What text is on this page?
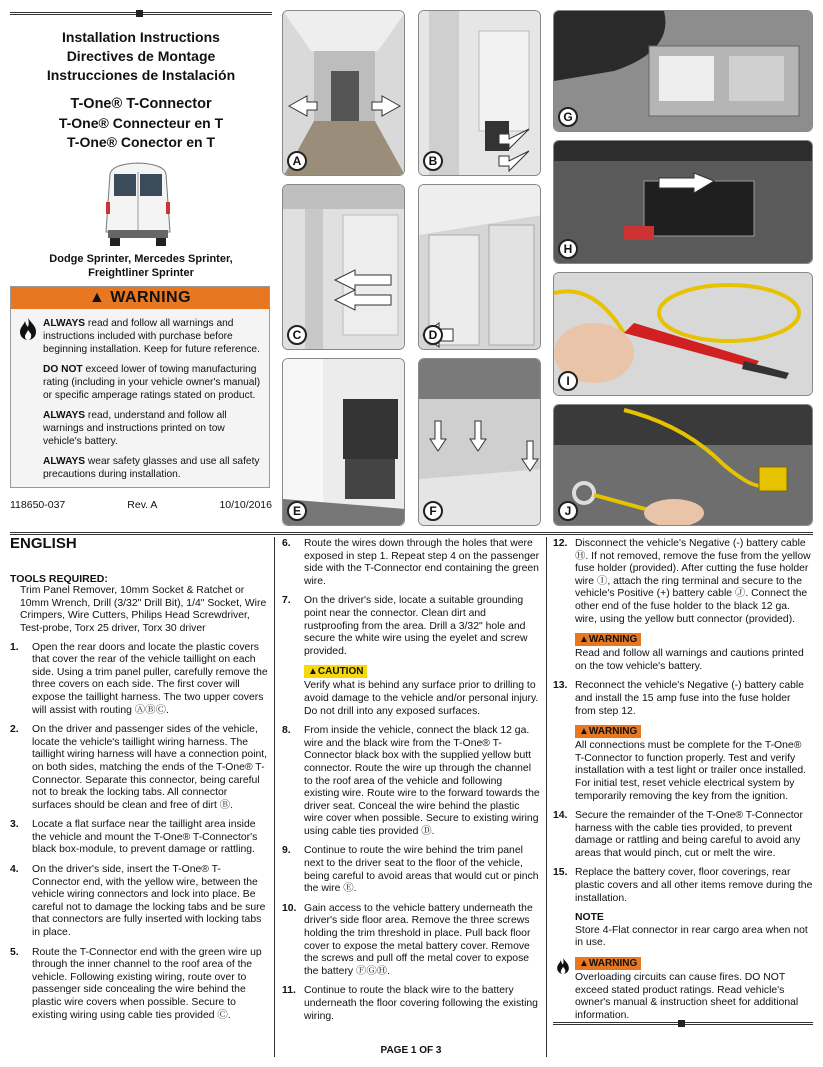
Installation Instructions
Directives de Montage
Instrucciones de Instalación
T-One® T-Connector
T-One® Connecteur en T
T-One® Conector en T
Dodge Sprinter, Mercedes Sprinter,
Freightliner Sprinter
▲ WARNING

ALWAYS read and follow all warnings and instructions included with purchase before beginning installation. Keep for future reference.

DO NOT exceed lower of towing manufacturing rating (including in your vehicle owner's manual) or specific amperage ratings stated on product.

ALWAYS read, understand and follow all warnings and instructions printed on tow vehicle's battery.

ALWAYS wear safety glasses and use all safety precautions during installation.

118650-037	Rev. A	10/10/2016
A	B
C	D
E	F
G
H
I
J
ENGLISH
TOOLS REQUIRED:
Trim Panel Remover, 10mm Socket & Ratchet or 10mm Wrench, Drill (3/32" Drill Bit), 1/4" Socket, Wire Crimpers, Wire Cutters, Philips Head Screwdriver, Test-probe, Torx 25 driver, Torx 30 driver
1.	Open the rear doors and locate the plastic covers that cover the rear of the vehicle taillight on each side. Using a trim panel puller, carefully remove the three covers on each side. The first cover will expose the taillight harness. The two upper covers will assist with routing ⒶⒷⒸ.
2.	On the driver and passenger sides of the vehicle, locate the vehicle's taillight wiring harness. The taillight wiring harness will have a connection point, on both sides, matching the ends of the T-One® T-Connector. Separate this connector, being careful not to break the locking tabs. All connector surfaces should be clean and free of dirt Ⓑ.
3.	Locate a flat surface near the taillight area inside the vehicle and mount the T-One® T-Connector's black box-module, to prevent damage or rattling.
4.	On the driver's side, insert the T-One® T-Connector end, with the yellow wire, between the vehicle wiring connectors and lock into place. Be careful not to damage the locking tabs and be sure that connectors are fully inserted with locking tabs in place.
5.	Route the T-Connector end with the green wire up through the inner channel to the roof area of the vehicle. Following existing wiring, route over to passenger side concealing the wire behind the plastic wire covers when possible. Secure to existing wiring using cable ties provided Ⓒ.
6.	Route the wires down through the holes that were exposed in step 1. Repeat step 4 on the passenger side with the T-Connector end containing the green wire.
7.	On the driver's side, locate a suitable grounding point near the connector. Clean dirt and rustproofing from the area. Drill a 3/32" hole and secure the white wire using the eyelet and screw provided.
▲CAUTION
Verify what is behind any surface prior to drilling to avoid damage to the vehicle and/or personal injury. Do not drill into any exposed surfaces.
8.	From inside the vehicle, connect the black 12 ga. wire and the black wire from the T-One® T-Connector black box with the supplied yellow butt connector. Route the wire up through the channel to the roof area of the vehicle and following existing wire. Route wire to the forward towards the driver seat. Conceal the wire behind the plastic wire cover when possible. Secure to existing wiring using cable ties provided Ⓓ.
9.	Continue to route the wire behind the trim panel next to the driver seat to the floor of the vehicle, being careful to avoid areas that would cut or pinch the wire Ⓔ.
10. Gain access to the vehicle battery underneath the driver's side floor area. Remove the three screws holding the trim threshold in place. Pull back floor cover to expose the metal battery cover. Remove the screws and pull off the metal cover to expose the battery ⒻⒼⒽ.
11. Continue to route the black wire to the battery underneath the floor covering following the existing wiring.
12. Disconnect the vehicle's Negative (-) battery cable Ⓗ. If not removed, remove the fuse from the yellow fuse holder (provided). After cutting the fuse holder wire Ⓘ, attach the ring terminal and secure to the vehicle's Positive (+) battery cable Ⓙ. Connect the other end of the fuse holder to the black 12 ga. wire, using the yellow butt connector (provided).
▲WARNING
Read and follow all warnings and cautions printed on the tow vehicle's battery.
13. Reconnect the vehicle's Negative (-) battery cable and install the 15 amp fuse into the fuse holder from step 12.
▲WARNING
All connections must be complete for the T-One® T-Connector to function properly. Test and verify installation with a test light or trailer once installed. For initial test, reset vehicle electrical system by temporarily removing the key from the ignition.
14. Secure the remainder of the T-One® T-Connector harness with the cable ties provided, to prevent damage or rattling and being careful to avoid any areas that would pinch, cut or melt the wire.
15. Replace the battery cover, floor coverings, rear plastic covers and all other items remove during the installation.
NOTE
Store 4-Flat connector in rear cargo area when not in use.
▲WARNING
Overloading circuits can cause fires. DO NOT exceed stated product ratings. Read vehicle's owner's manual & instruction sheet for additional information.
PAGE 1 OF 3
